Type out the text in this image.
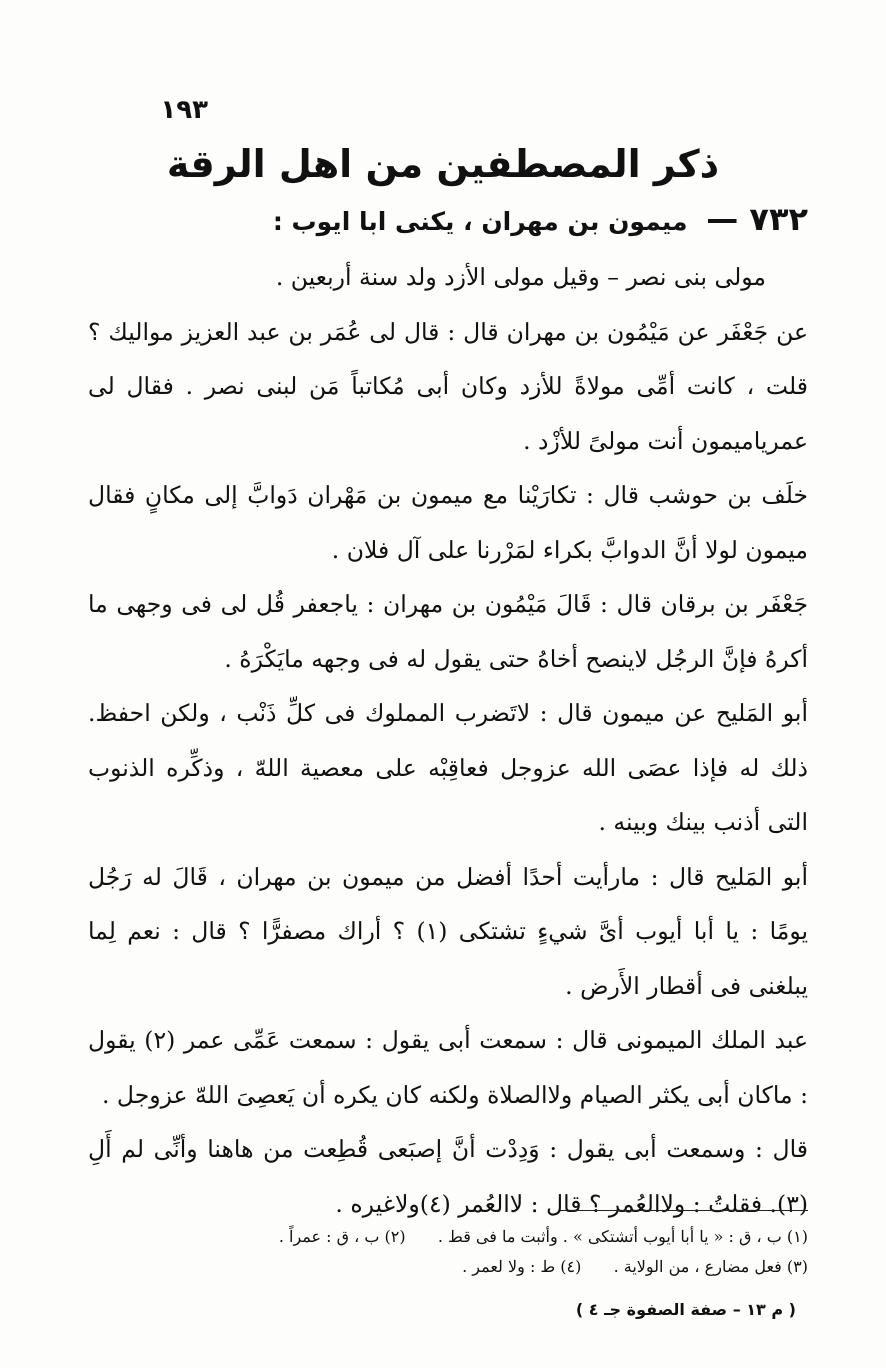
١٩٣
ذكر المصطفين من اهل الرقة
٧٣٢ — ميمون بن مهران ، يكنى ابا ايوب :

مولى بنى نصر – وقيل مولى الأزد ولد سنة أربعين .

عن جَعْفَر عن مَيْمُون بن مهران قال : قال لى عُمَر بن عبد العزيز مواليك ؟ قلت ، كانت أمِّى مولاةً للأزد وكان أبى مُكاتباً مَن لبنى نصر . فقال لى عمرياميمون أنت مولىً للأزْد .

خلَف بن حوشب قال : تكارَيْنا مع ميمون بن مَهْران دَوابَّ إلى مكانٍ فقال ميمون لولا أنَّ الدوابَّ بكراء لمَرْرنا على آل فلان .

جَعْفَر بن برقان قال : قَالَ مَيْمُون بن مهران : ياجعفر قُل لى فى وجهى ما أكرهُ فإنَّ الرجُل لاينصح أخاهُ حتى يقول له فى وجهه مايَكْرَهُ .

أبو المَليح عن ميمون قال : لاتَضرب المملوك فى كلِّ ذَنْب ، ولكن احفظ. ذلك له فإذا عصَى الله عزوجل فعاقِبْه على معصية اللهّ ، وذكِّره الذنوب التى أذنب بينك وبينه .

أبو المَليح قال : مارأيت أحدًا أفضل من ميمون بن مهران ، قَالَ له رَجُل يومًا : يا أبا أيوب أىَّ شيءٍ تشتكى (١) ؟ أراك مصفرًّا ؟ قال : نعم لِما يبلغنى فى أقطار الأَرض .

عبد الملك الميمونى قال : سمعت أبى يقول : سمعت عَمِّى عمر (٢) يقول : ماكان أبى يكثر الصيام ولاالصلاة ولكنه كان يكره أن يَعصِىَ اللهّ عزوجل .

قال : وسمعت أبى يقول : وَدِدْت أنَّ إصبَعى قُطِعت من هاهنا وأنِّى لم أَلِ (٣). فقلتُ : ولاالعُمر ؟ قال : لاالعُمر (٤)ولاغيره .

(١) ب ، ق : « يا أبا أيوب أتشتكى » . وأثبت ما فى قط .  (٢) ب ، ق : عمراً .
(٣) فعل مضارع ، من الولاية .  (٤) ط : ولا لعمر .
( م ١٣ – صفة الصفوة جـ ٤ )
